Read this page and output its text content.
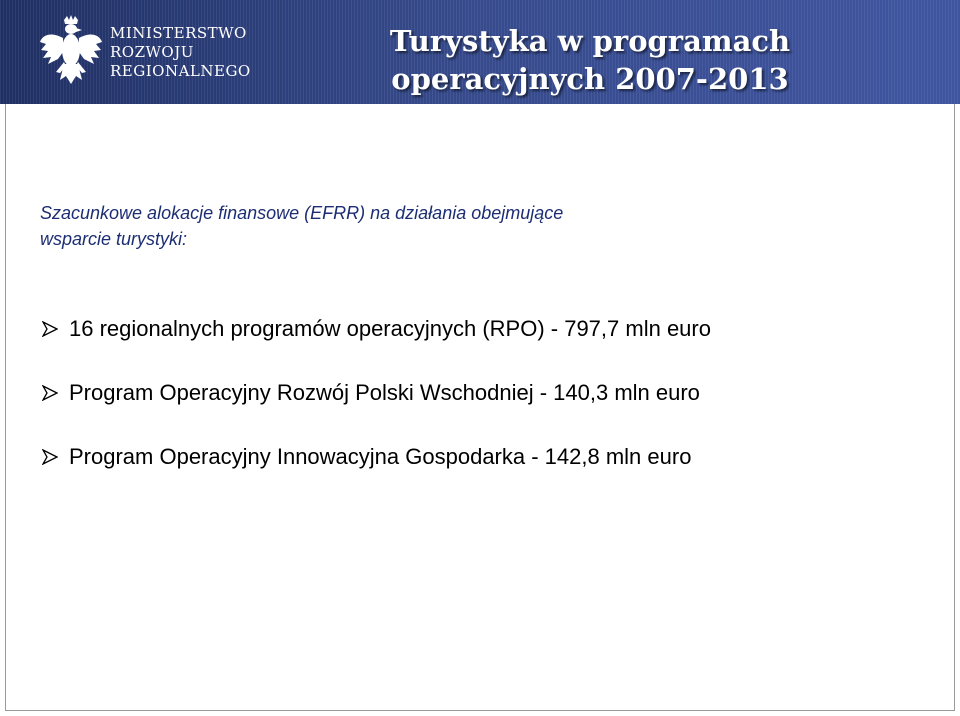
MINISTERSTWO
ROZWOJU
REGIONALNEGO
Turystyka w programach
operacyjnych 2007-2013
Szacunkowe alokacje finansowe (EFRR) na działania obejmujące
wsparcie turystyki:
16 regionalnych programów operacyjnych (RPO) - 797,7 mln euro
Program Operacyjny Rozwój Polski Wschodniej - 140,3 mln euro
Program Operacyjny Innowacyjna Gospodarka - 142,8 mln euro
